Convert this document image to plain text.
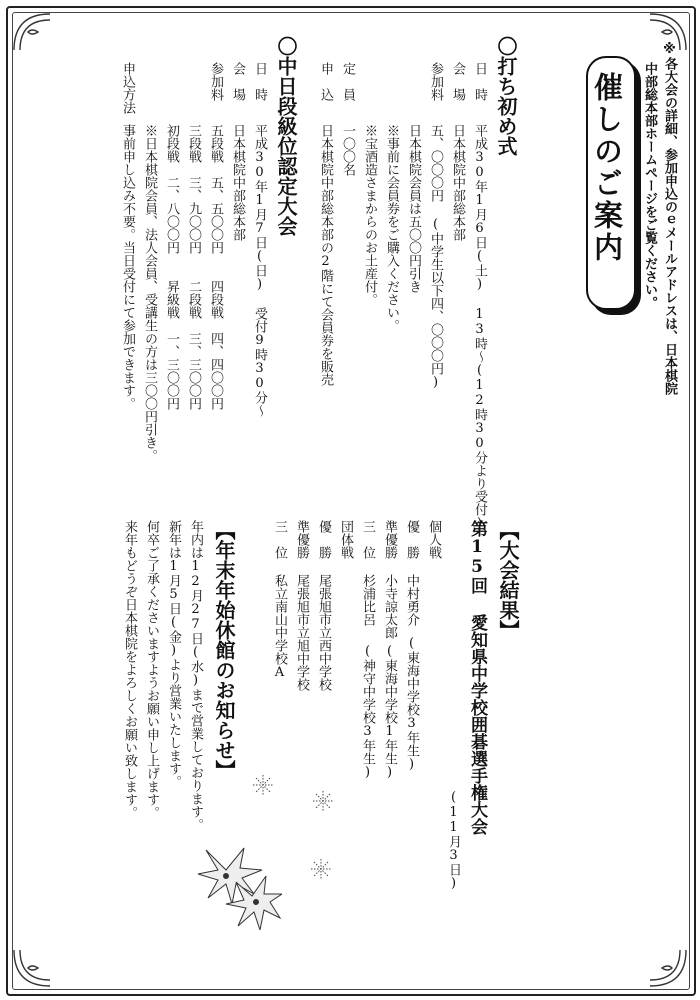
※各大会の詳細、参加申込のｅメールアドレスは、日本棋院
中部総本部ホームページをご覧ください。
催しのご案内
〇打ち初め式
日　時
平成30年1月6日(土) 13時〜(12時30分より受付)
会　場
日本棋院中部総本部
参加料
五、〇〇〇円 (中学生以下四、〇〇〇円)
日本棋院会員は五〇〇円引き
※事前に会員券をご購入ください。
※宝酒造さまからのお土産付。
定　員
一〇〇名
申　込
日本棋院中部総本部の2階にて会員券を販売
〇中日段級位認定大会
日　時
平成30年1月7日(日) 受付9時30分〜
会　場
日本棋院中部総本部
参加料
五段戦　五、五〇〇円　　四段戦　四、四〇〇円
三段戦　三、九〇〇円　　二段戦　三、三〇〇円
初段戦　二、八〇〇円　　昇級戦　一、三〇〇円
※日本棋院会員、法人会員、受講生の方は三〇〇円引き。
申込方法
事前申し込み不要。当日受付にて参加できます。
【大会結果】
第15回 愛知県中学校囲碁選手権大会
(11月3日)
個人戦
優　勝
中村勇介
(東海中学校3年生)
準優勝
小寺諒太郎
(東海中学校1年生)
三　位
杉浦比呂
(神守中学校3年生)
団体戦
優　勝
尾張旭市立西中学校
準優勝
尾張旭市立旭中学校
三　位
私立南山中学校A
【年末年始休館のお知らせ】
年内は12月27日(水)まで営業しております。
新年は1月5日(金)より営業いたします。
何卒ご了承くださいますようお願い申し上げます。
来年もどうぞ日本棋院をよろしくお願い致します。
